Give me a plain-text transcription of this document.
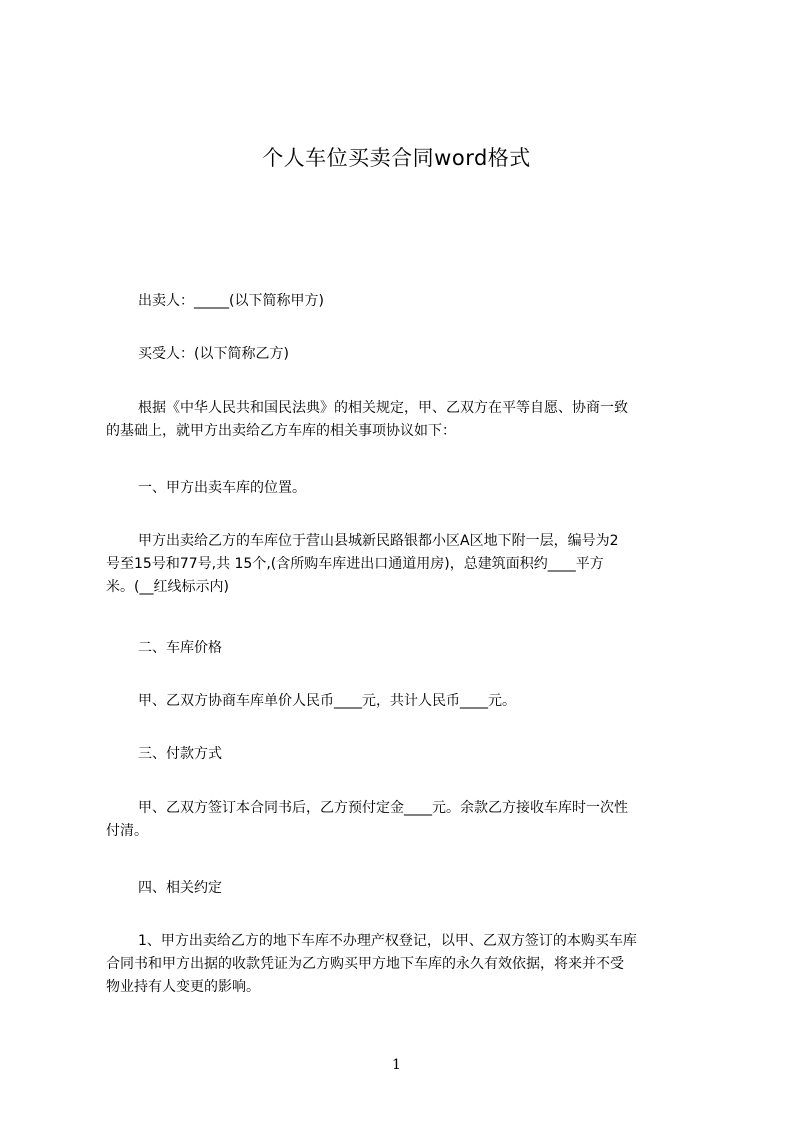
个人车位买卖合同word格式

出卖人：_____(以下简称甲方)

买受人：(以下简称乙方)

根据《中华人民共和国民法典》的相关规定，甲、乙双方在平等自愿、协商一致
的基础上，就甲方出卖给乙方车库的相关事项协议如下：

一、甲方出卖车库的位置。

甲方出卖给乙方的车库位于营山县城新民路银都小区A区地下附一层，编号为2
号至15号和77号,共 15个,(含所购车库进出口通道用房)，总建筑面积约____平方
米。(__红线标示内)

二、车库价格

甲、乙双方协商车库单价人民币____元，共计人民币____元。

三、付款方式

甲、乙双方签订本合同书后，乙方预付定金____元。余款乙方接收车库时一次性
付清。

四、相关约定

1、甲方出卖给乙方的地下车库不办理产权登记，以甲、乙双方签订的本购买车库
合同书和甲方出据的收款凭证为乙方购买甲方地下车库的永久有效依据，将来并不受
物业持有人变更的影响。

1
